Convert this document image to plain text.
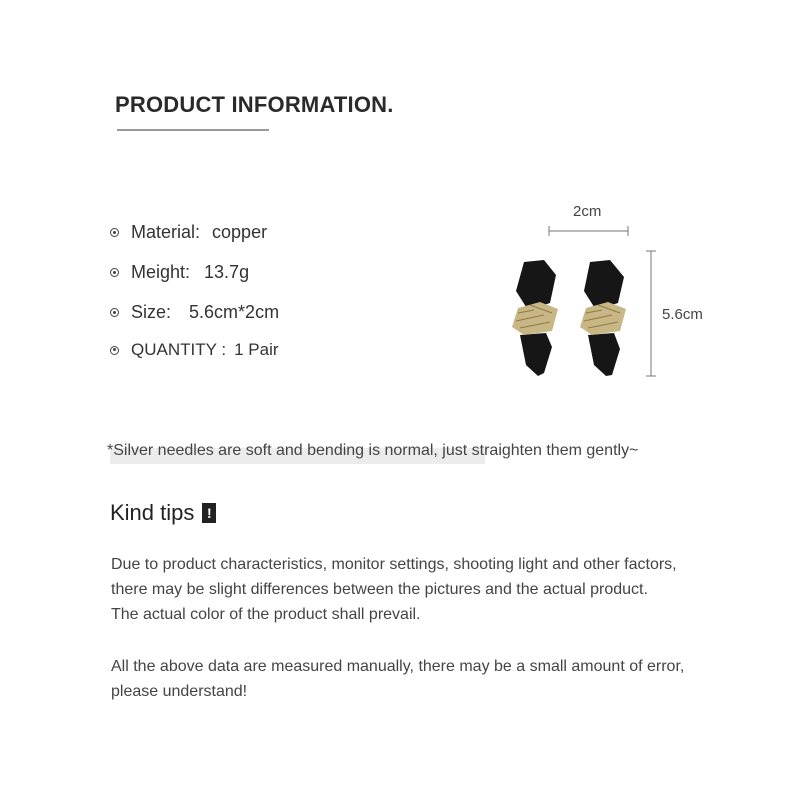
PRODUCT INFORMATION.
Material: copper
Meight: 13.7g
Size: 5.6cm*2cm
QUANTITY : 1 Pair
2cm
5.6cm
*Silver needles are soft and bending is normal, just straighten them gently~
Kind tips !
Due to product characteristics, monitor settings, shooting light and other factors,
there may be slight differences between the pictures and the actual product.
The actual color of the product shall prevail.
All the above data are measured manually, there may be a small amount of error,
please understand!
